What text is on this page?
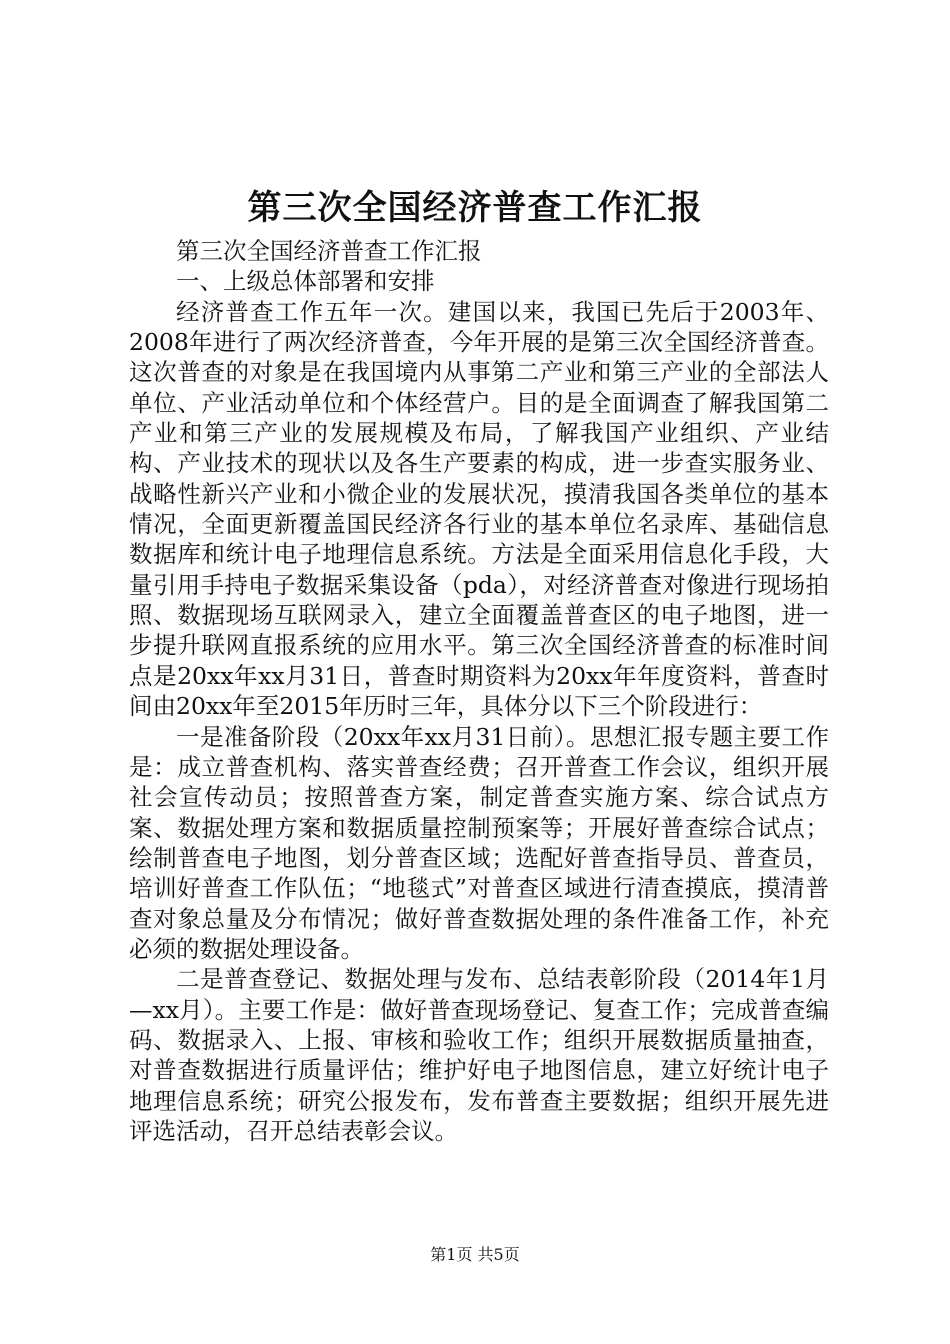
第三次全国经济普查工作汇报

第三次全国经济普查工作汇报

一、上级总体部署和安排

经济普查工作五年一次。建国以来，我国已先后于2003年、2008年进行了两次经济普查，今年开展的是第三次全国经济普查。这次普查的对象是在我国境内从事第二产业和第三产业的全部法人单位、产业活动单位和个体经营户。目的是全面调查了解我国第二产业和第三产业的发展规模及布局，了解我国产业组织、产业结构、产业技术的现状以及各生产要素的构成，进一步查实服务业、战略性新兴产业和小微企业的发展状况，摸清我国各类单位的基本情况，全面更新覆盖国民经济各行业的基本单位名录库、基础信息数据库和统计电子地理信息系统。方法是全面采用信息化手段，大量引用手持电子数据采集设备（pda），对经济普查对像进行现场拍照、数据现场互联网录入，建立全面覆盖普查区的电子地图，进一步提升联网直报系统的应用水平。第三次全国经济普查的标准时间点是20xx年xx月31日，普查时期资料为20xx年年度资料，普查时间由20xx年至2015年历时三年，具体分以下三个阶段进行：

一是准备阶段（20xx年xx月31日前）。思想汇报专题主要工作是：成立普查机构、落实普查经费；召开普查工作会议，组织开展社会宣传动员；按照普查方案，制定普查实施方案、综合试点方案、数据处理方案和数据质量控制预案等；开展好普查综合试点；绘制普查电子地图，划分普查区域；选配好普查指导员、普查员，培训好普查工作队伍；“地毯式”对普查区域进行清查摸底，摸清普查对象总量及分布情况；做好普查数据处理的条件准备工作，补充必须的数据处理设备。

二是普查登记、数据处理与发布、总结表彰阶段（2014年1月—xx月）。主要工作是：做好普查现场登记、复查工作；完成普查编码、数据录入、上报、审核和验收工作；组织开展数据质量抽查，对普查数据进行质量评估；维护好电子地图信息，建立好统计电子地理信息系统；研究公报发布，发布普查主要数据；组织开展先进评选活动，召开总结表彰会议。

第1页 共5页
